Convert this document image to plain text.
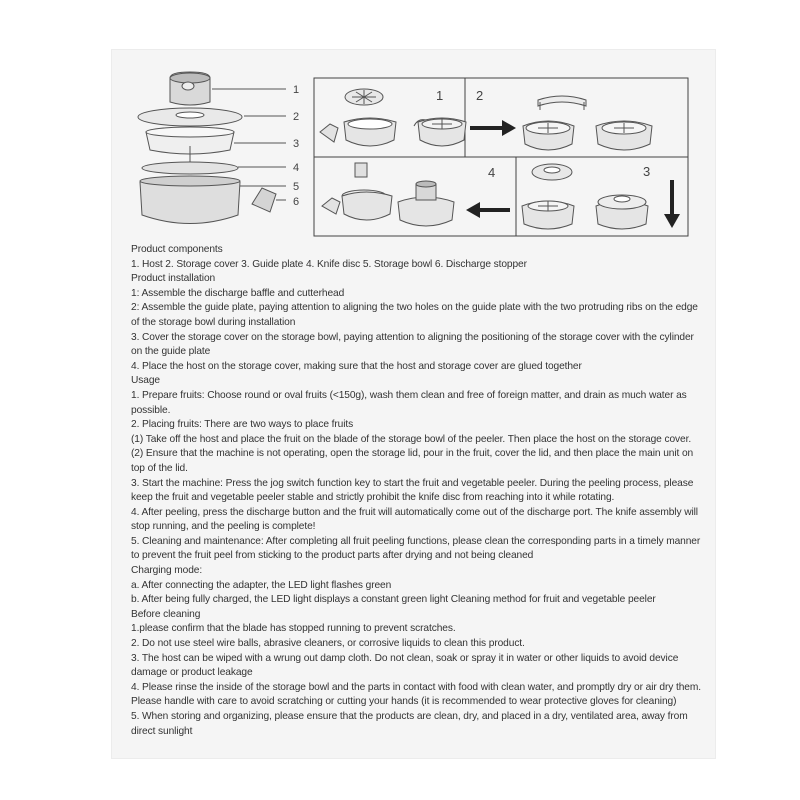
1
2
3
4
5
6
1	2
4	3
Product components
1. Host 2. Storage cover 3. Guide plate 4. Knife disc 5. Storage bowl 6. Discharge stopper
Product installation
1: Assemble the discharge baffle and cutterhead
2: Assemble the guide plate, paying attention to aligning the two holes on the guide plate with the two protruding ribs on the edge of the storage bowl during installation
3. Cover the storage cover on the storage bowl, paying attention to aligning the positioning of the storage cover with the cylinder on the guide plate
4. Place the host on the storage cover, making sure that the host and storage cover are glued together
Usage
1. Prepare fruits: Choose round or oval fruits (<150g), wash them clean and free of foreign matter, and drain as much water as possible.
2. Placing fruits: There are two ways to place fruits
(1) Take off the host and place the fruit on the blade of the storage bowl of the peeler. Then place the host on the storage cover.
(2) Ensure that the machine is not operating, open the storage lid, pour in the fruit, cover the lid, and then place the main unit on top of the lid.
3. Start the machine: Press the jog switch function key to start the fruit and vegetable peeler. During the peeling process, please keep the fruit and vegetable peeler stable and strictly prohibit the knife disc from reaching into it while rotating.
4. After peeling, press the discharge button and the fruit will automatically come out of the discharge port. The knife assembly will stop running, and the peeling is complete!
5. Cleaning and maintenance: After completing all fruit peeling functions, please clean the corresponding parts in a timely manner to prevent the fruit peel from sticking to the product parts after drying and not being cleaned
Charging mode:
a. After connecting the adapter, the LED light flashes green
b. After being fully charged, the LED light displays a constant green light Cleaning method for fruit and vegetable peeler
Before cleaning
1.please confirm that the blade has stopped running to prevent scratches.
2. Do not use steel wire balls, abrasive cleaners, or corrosive liquids to clean this product.
3. The host can be wiped with a wrung out damp cloth. Do not clean, soak or spray it in water or other liquids to avoid device damage or product leakage
4. Please rinse the inside of the storage bowl and the parts in contact with food with clean water, and promptly dry or air dry them. Please handle with care to avoid scratching or cutting your hands (it is recommended to wear protective gloves for cleaning)
5. When storing and organizing, please ensure that the products are clean, dry, and placed in a dry, ventilated area, away from direct sunlight
